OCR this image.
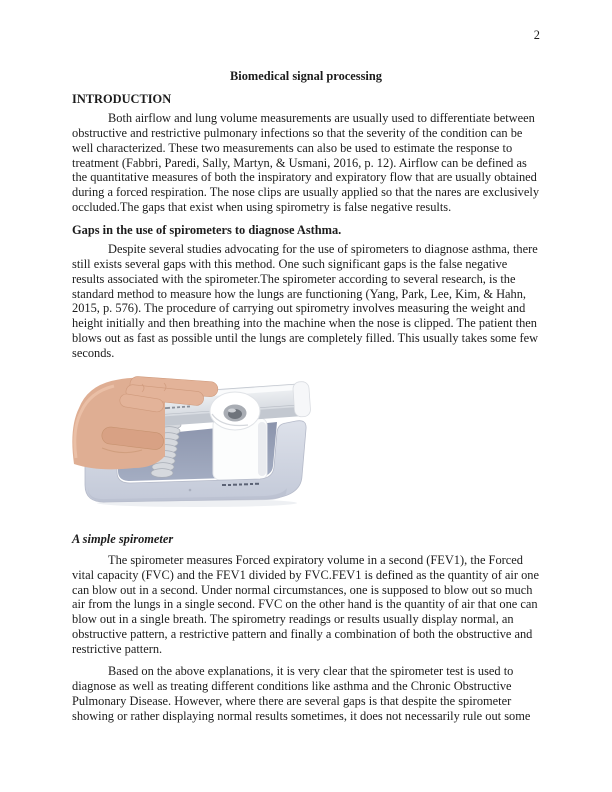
2
Biomedical signal processing
INTRODUCTION

Both airflow and lung volume measurements are usually used to differentiate between obstructive and restrictive pulmonary infections so that the severity of the condition can be well characterized. These two measurements can also be used to estimate the response to treatment (Fabbri, Paredi, Sally, Martyn, & Usmani, 2016, p. 12). Airflow can be defined as the quantitative measures of both the inspiratory and expiratory flow that are usually obtained during a forced respiration. The nose clips are usually applied so that the nares are exclusively occluded.The gaps that exist when using spirometry is false negative results.

Gaps in the use of spirometers to diagnose Asthma.

Despite several studies advocating for the use of spirometers to diagnose asthma, there still exists several gaps with this method. One such significant gaps is the false negative results associated with the spirometer.The spirometer according to several research, is the standard method to measure how the lungs are functioning (Yang, Park, Lee, Kim, & Hahn, 2015, p. 576). The procedure of carrying out spirometry involves measuring the weight and height initially and then breathing into the machine when the nose is clipped. The patient then blows out as fast as possible until the lungs are completely filled. This usually takes some few seconds.

A simple spirometer

The spirometer measures Forced expiratory volume in a second (FEV1), the Forced vital capacity (FVC) and the FEV1 divided by FVC.FEV1 is defined as the quantity of air one can blow out in a second. Under normal circumstances, one is supposed to blow out so much air from the lungs in a single second. FVC on the other hand is the quantity of air that one can blow out in a single breath. The spirometry readings or results usually display normal, an obstructive pattern, a restrictive pattern and finally a combination of both the obstructive and restrictive pattern.

Based on the above explanations, it is very clear that the spirometer test is used to diagnose as well as treating different conditions like asthma and the Chronic Obstructive Pulmonary Disease. However, where there are several gaps is that despite the spirometer showing or rather displaying normal results sometimes, it does not necessarily rule out some
